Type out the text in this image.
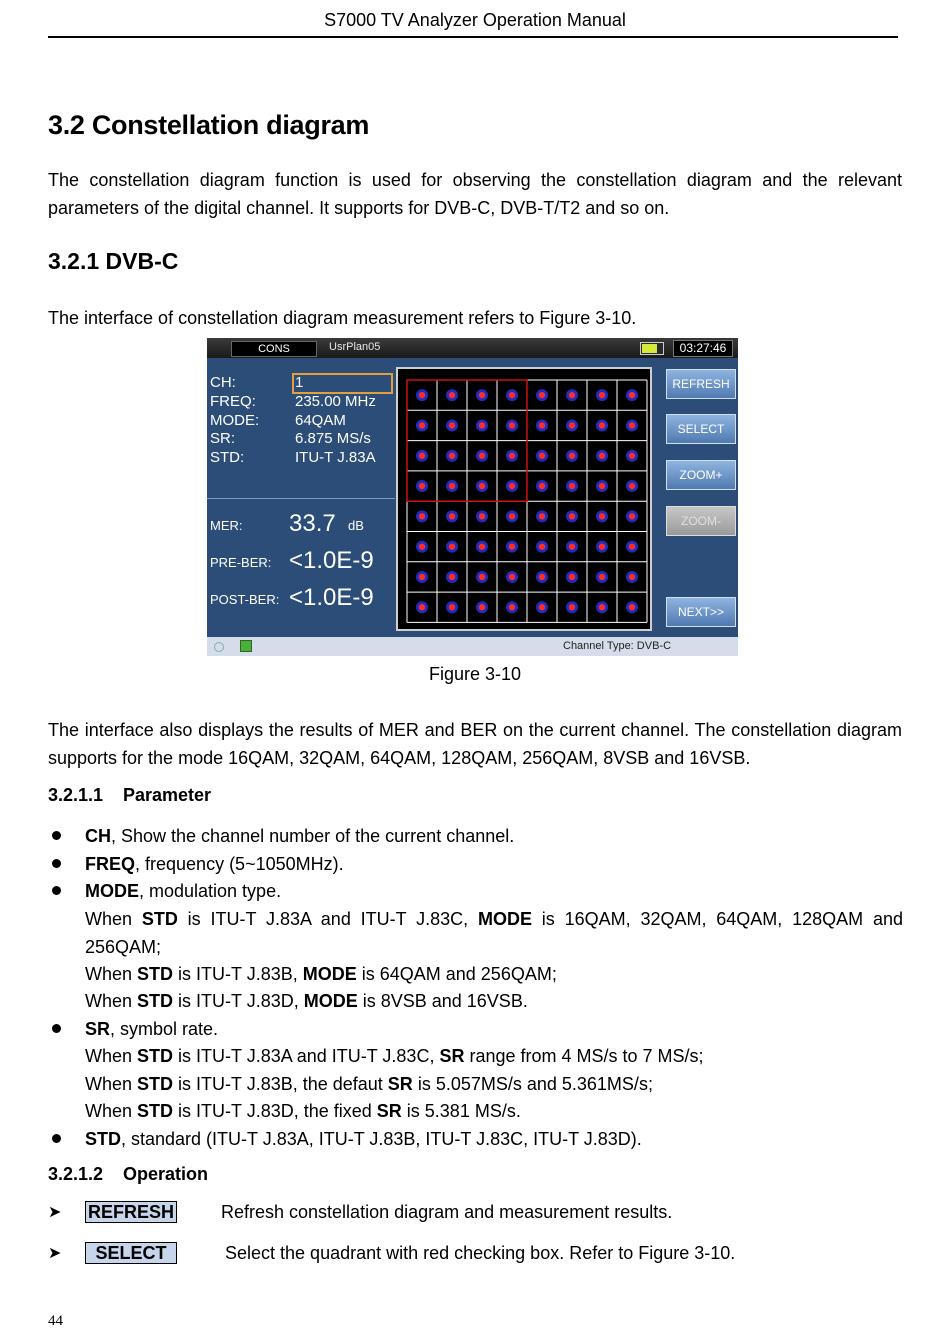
S7000 TV Analyzer Operation Manual
3.2 Constellation diagram
The constellation diagram function is used for observing the constellation diagram and the relevant parameters of the digital channel. It supports for DVB-C, DVB-T/T2 and so on.
3.2.1 DVB-C
The interface of constellation diagram measurement refers to Figure 3-10.
CONS	UsrPlan05	03:27:46
CH:	1
FREQ:	235.00 MHz
MODE: 64QAM
SR:	6.875 MS/s
STD:	ITU-T J.83A
MER: 33.7 dB
PRE-BER: <1.0E-9
POST-BER: <1.0E-9
REFRESH
SELECT
ZOOM+
ZOOM-
NEXT>>
Channel Type: DVB-C
Figure 3-10
The interface also displays the results of MER and BER on the current channel. The constellation diagram supports for the mode 16QAM, 32QAM, 64QAM, 128QAM, 256QAM, 8VSB and 16VSB.
3.2.1.1 Parameter
CH, Show the channel number of the current channel.
FREQ, frequency (5~1050MHz).
MODE, modulation type.
When STD is ITU-T J.83A and ITU-T J.83C, MODE is 16QAM, 32QAM, 64QAM, 128QAM and 256QAM;
When STD is ITU-T J.83B, MODE is 64QAM and 256QAM;
When STD is ITU-T J.83D, MODE is 8VSB and 16VSB.
SR, symbol rate.
When STD is ITU-T J.83A and ITU-T J.83C, SR range from 4 MS/s to 7 MS/s;
When STD is ITU-T J.83B, the defaut SR is 5.057MS/s and 5.361MS/s;
When STD is ITU-T J.83D, the fixed SR is 5.381 MS/s.
STD, standard (ITU-T J.83A, ITU-T J.83B, ITU-T J.83C, ITU-T J.83D).
3.2.1.2 Operation
➤ REFRESH	Refresh constellation diagram and measurement results.
➤	SELECT	Select the quadrant with red checking box. Refer to Figure 3-10.
44
